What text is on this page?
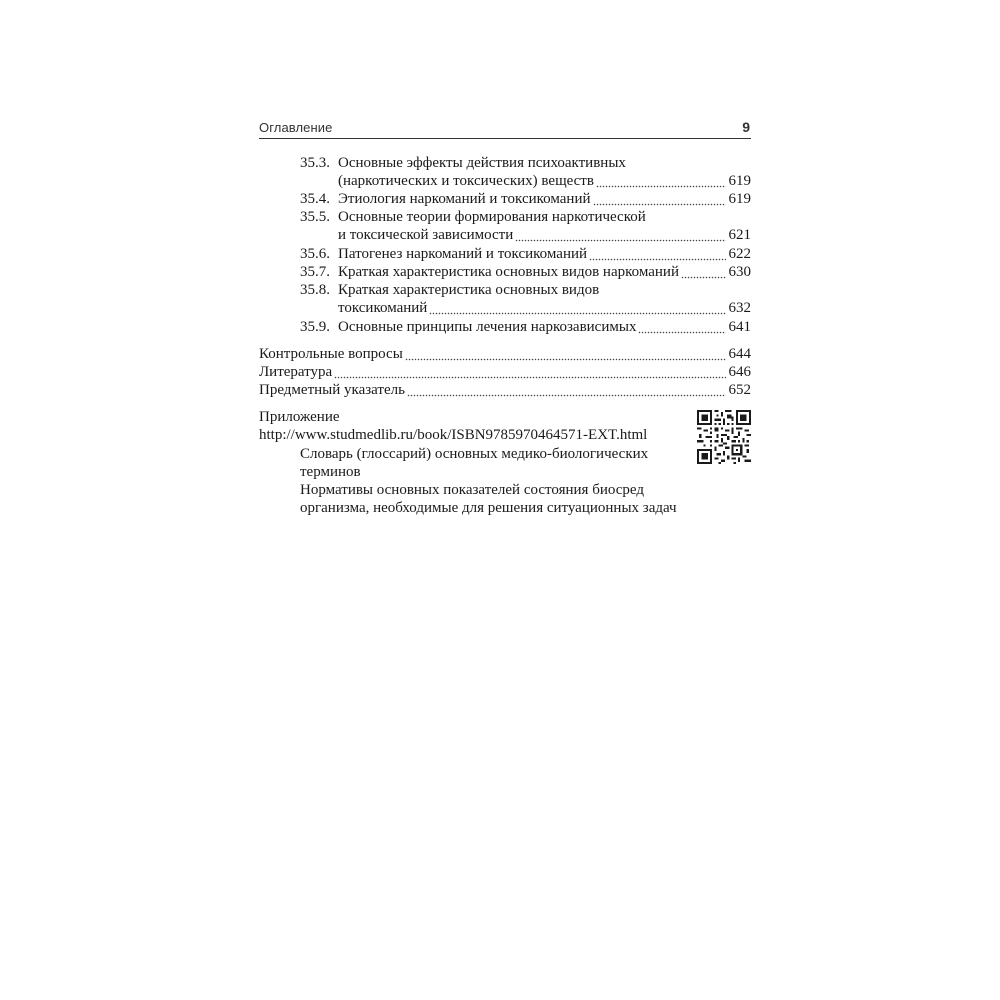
Оглавление	9
35.3. Основные эффекты действия психоактивных
(наркотических и токсических) веществ	619
35.4. Этиология наркоманий и токсикоманий	619
35.5. Основные теории формирования наркотической
и токсической зависимости	621
35.6. Патогенез наркоманий и токсикоманий	622
35.7. Краткая характеристика основных видов наркоманий	630
35.8. Краткая характеристика основных видов
токсикоманий	632
35.9. Основные принципы лечения наркозависимых	641
Контрольные вопросы	644
Литература	646
Предметный указатель	652
Приложение
http://www.studmedlib.ru/book/ISBN9785970464571-EXT.html
Словарь (глоссарий) основных медико-биологических
терминов
Нормативы основных показателей состояния биосред
организма, необходимые для решения ситуационных задач
